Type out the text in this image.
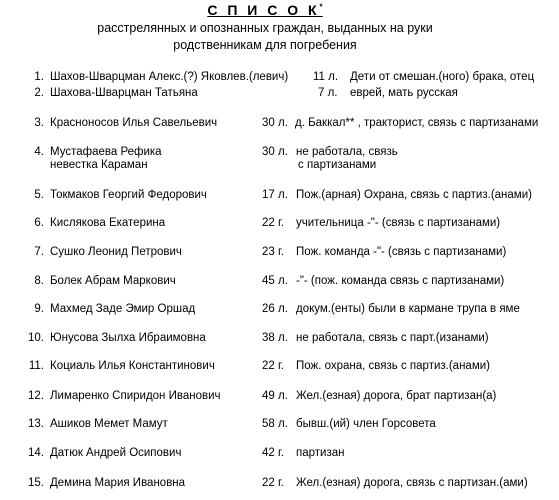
С П И С О К*
расстрелянных и опознанных граждан, выданных на руки
родственникам для погребения
1. Шахов-Шварцман Алекс.(?) Яковлев.(левич) 11 л. Дети от смешан.(ного) брака, отец
2. Шахова-Шварцман Татьяна	7 л. еврей, мать русская
3. Красноносов Илья Савельевич	30 л. д. Баккал** , тракторист, связь с партизанами
4. Мустафаева Рефика
невестка Караман
30 л. не работала, связь
с партизанами
5. Токмаков Георгий Федорович	17 л. Пож.(арная) Охрана, связь с партиз.(анами)
6. Кислякова Екатерина	22 г. учительница -"- (связь с партизанами)
7. Сушко Леонид Петрович	23 г. Пож. команда -"- (связь с партизанами)
8. Болек Абрам Маркович	45 л. -"- (пож. команда связь с партизанами)
9. Махмед Заде Эмир Оршад	26 л. докум.(енты) были в кармане трупа в яме
10. Юнусова Зылха Ибраимовна	38 л. не работала, связь с парт.(изанами)
11. Коциаль Илья Константинович	22 г. Пож. охрана, связь с партиз.(анами)
12. Лимаренко Спиридон Иванович	49 л. Жел.(езная) дорога, брат партизан(а)
13. Ашиков Мемет Мамут	58 л. бывш.(ий) член Горсовета
14. Датюк Андрей Осипович	42 г. партизан
15. Демина Мария Ивановна	22 г. Жел.(езная) дорога, связь с партизан.(ами)
